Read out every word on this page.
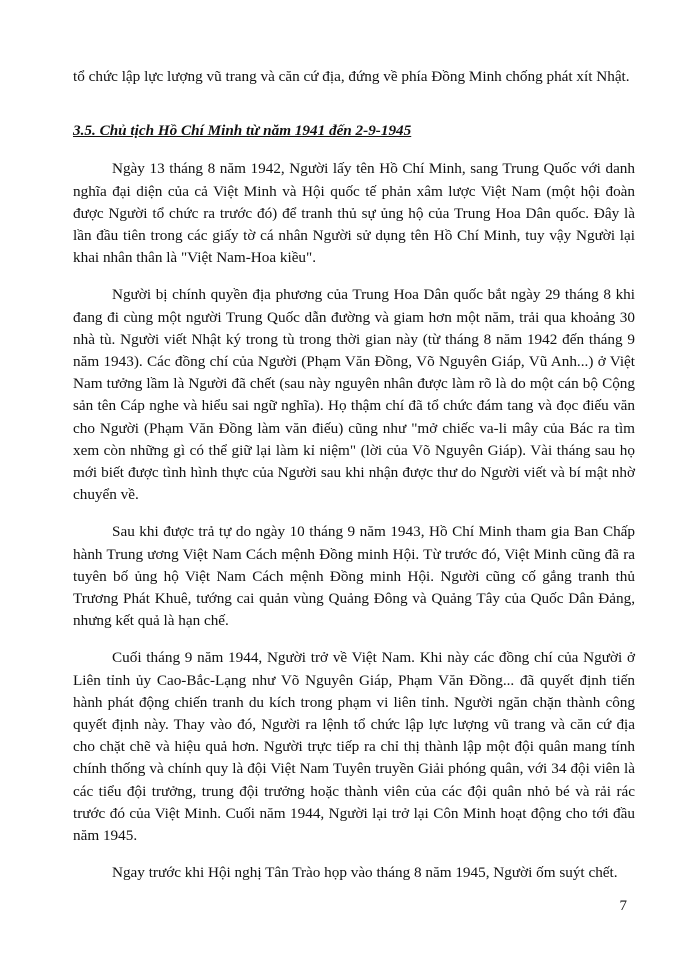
tổ chức lập lực lượng vũ trang và căn cứ địa, đứng về phía Đồng Minh chống phát xít Nhật.

3.5. Chủ tịch Hồ Chí Minh từ năm 1941 đến 2-9-1945

Ngày 13 tháng 8 năm 1942, Người lấy tên Hồ Chí Minh, sang Trung Quốc với danh nghĩa đại diện của cả Việt Minh và Hội quốc tế phản xâm lược Việt Nam (một hội đoàn được Người tổ chức ra trước đó) để tranh thủ sự ủng hộ của Trung Hoa Dân quốc. Đây là lần đầu tiên trong các giấy tờ cá nhân Người sử dụng tên Hồ Chí Minh, tuy vậy Người lại khai nhân thân là "Việt Nam-Hoa kiều".

Người bị chính quyền địa phương của Trung Hoa Dân quốc bắt ngày 29 tháng 8 khi đang đi cùng một người Trung Quốc dẫn đường và giam hơn một năm, trải qua khoảng 30 nhà tù. Người viết Nhật ký trong tù trong thời gian này (từ tháng 8 năm 1942 đến tháng 9 năm 1943). Các đồng chí của Người (Phạm Văn Đồng, Võ Nguyên Giáp, Vũ Anh...) ở Việt Nam tưởng lầm là Người đã chết (sau này nguyên nhân được làm rõ là do một cán bộ Cộng sản tên Cáp nghe và hiểu sai ngữ nghĩa). Họ thậm chí đã tổ chức đám tang và đọc điếu văn cho Người (Phạm Văn Đồng làm văn điếu) cũng như "mở chiếc va-li mây của Bác ra tìm xem còn những gì có thể giữ lại làm kỉ niệm" (lời của Võ Nguyên Giáp). Vài tháng sau họ mới biết được tình hình thực của Người sau khi nhận được thư do Người viết và bí mật nhờ chuyển về.

Sau khi được trả tự do ngày 10 tháng 9 năm 1943, Hồ Chí Minh tham gia Ban Chấp hành Trung ương Việt Nam Cách mệnh Đồng minh Hội. Từ trước đó, Việt Minh cũng đã ra tuyên bố ủng hộ Việt Nam Cách mệnh Đồng minh Hội. Người cũng cố gắng tranh thủ Trương Phát Khuê, tướng cai quản vùng Quảng Đông và Quảng Tây của Quốc Dân Đảng, nhưng kết quả là hạn chế.

Cuối tháng 9 năm 1944, Người trở về Việt Nam. Khi này các đồng chí của Người ở Liên tỉnh ủy Cao-Bắc-Lạng như Võ Nguyên Giáp, Phạm Văn Đồng... đã quyết định tiến hành phát động chiến tranh du kích trong phạm vi liên tỉnh. Người ngăn chặn thành công quyết định này. Thay vào đó, Người ra lệnh tổ chức lập lực lượng vũ trang và căn cứ địa cho chặt chẽ và hiệu quả hơn. Người trực tiếp ra chỉ thị thành lập một đội quân mang tính chính thống và chính quy là đội Việt Nam Tuyên truyền Giải phóng quân, với 34 đội viên là các tiểu đội trưởng, trung đội trưởng hoặc thành viên của các đội quân nhỏ bé và rải rác trước đó của Việt Minh. Cuối năm 1944, Người lại trở lại Côn Minh hoạt động cho tới đầu năm 1945.

Ngay trước khi Hội nghị Tân Trào họp vào tháng 8 năm 1945, Người ốm suýt chết.

7
